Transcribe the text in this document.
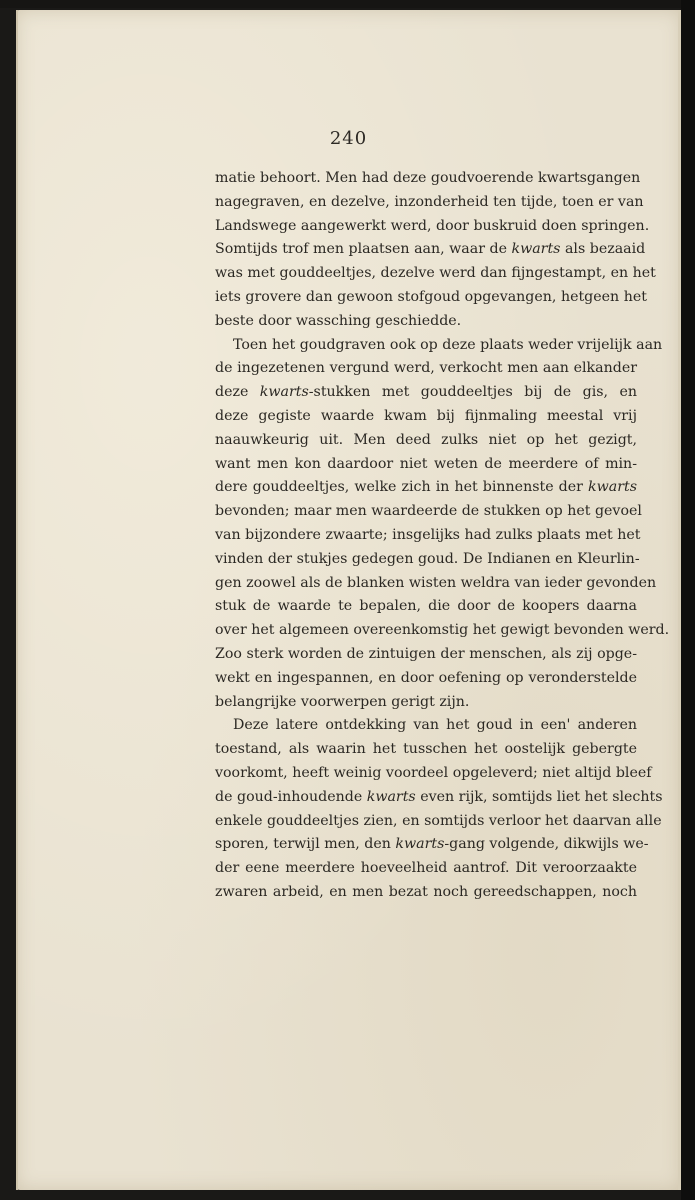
240
matie behoort. Men had deze goudvoerende kwartsgangen
nagegraven, en dezelve, inzonderheid ten tijde, toen er van
Landswege aangewerkt werd, door buskruid doen springen.
Somtijds trof men plaatsen aan, waar de kwarts als bezaaid
was met gouddeeltjes, dezelve werd dan fijngestampt, en het
iets grovere dan gewoon stofgoud opgevangen, hetgeen het
beste door wassching geschiedde.
Toen het goudgraven ook op deze plaats weder vrijelijk aan
de ingezetenen vergund werd, verkocht men aan elkander
deze kwarts-stukken met gouddeeltjes bij de gis, en
deze gegiste waarde kwam bij fijnmaling meestal vrij
naauwkeurig uit. Men deed zulks niet op het gezigt,
want men kon daardoor niet weten de meerdere of min-
dere gouddeeltjes, welke zich in het binnenste der kwarts
bevonden; maar men waardeerde de stukken op het gevoel
van bijzondere zwaarte; insgelijks had zulks plaats met het
vinden der stukjes gedegen goud. De Indianen en Kleurlin-
gen zoowel als de blanken wisten weldra van ieder gevonden
stuk de waarde te bepalen, die door de koopers daarna
over het algemeen overeenkomstig het gewigt bevonden werd.
Zoo sterk worden de zintuigen der menschen, als zij opge-
wekt en ingespannen, en door oefening op veronderstelde
belangrijke voorwerpen gerigt zijn.
Deze latere ontdekking van het goud in een' anderen
toestand, als waarin het tusschen het oostelijk gebergte
voorkomt, heeft weinig voordeel opgeleverd; niet altijd bleef
de goud-inhoudende kwarts even rijk, somtijds liet het slechts
enkele gouddeeltjes zien, en somtijds verloor het daarvan alle
sporen, terwijl men, den kwarts-gang volgende, dikwijls we-
der eene meerdere hoeveelheid aantrof. Dit veroorzaakte
zwaren arbeid, en men bezat noch gereedschappen, noch
